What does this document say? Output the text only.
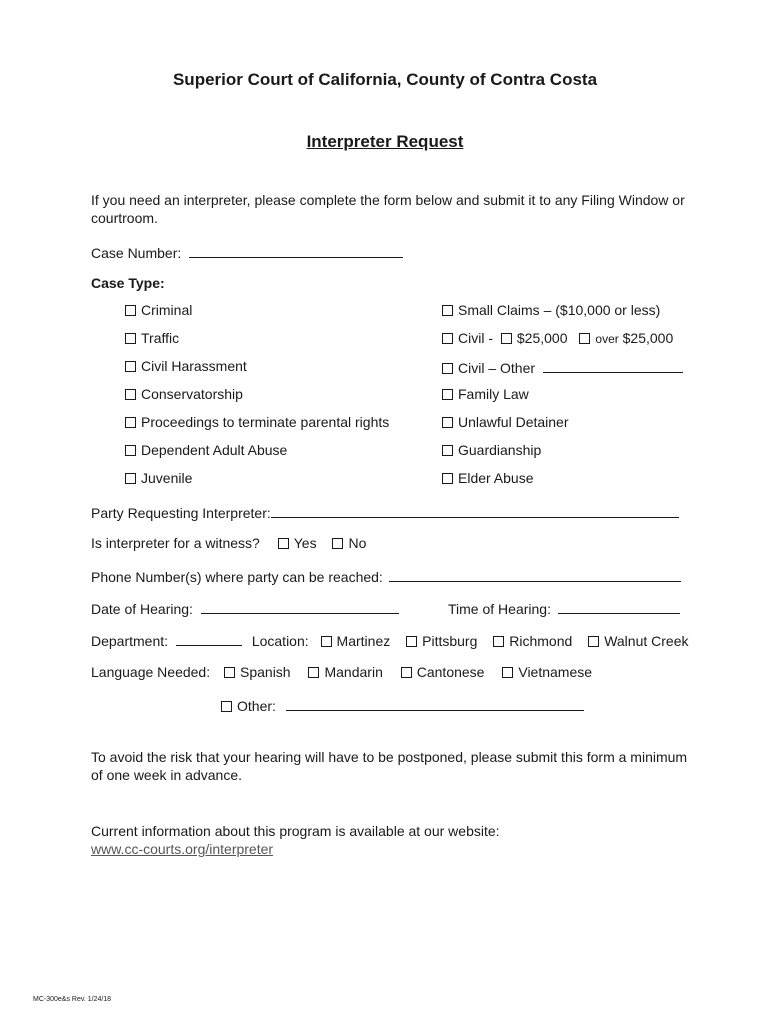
Superior Court of California, County of Contra Costa
Interpreter Request
If you need an interpreter, please complete the form below and submit it to any Filing Window or courtroom.
Case Number:
Case Type:
Criminal
Traffic
Civil Harassment
Conservatorship
Proceedings to terminate parental rights
Dependent Adult Abuse
Juvenile
Small Claims – ($10,000 or less)
Civil - $25,000 over $25,000
Civil – Other
Family Law
Unlawful Detainer
Guardianship
Elder Abuse
Party Requesting Interpreter:
Is interpreter for a witness? Yes No
Phone Number(s) where party can be reached:
Date of Hearing:	Time of Hearing:
Department:	Location: Martinez Pittsburg Richmond Walnut Creek
Language Needed: Spanish Mandarin Cantonese Vietnamese
Other:
To avoid the risk that your hearing will have to be postponed, please submit this form a minimum of one week in advance.
Current information about this program is available at our website:
www.cc-courts.org/interpreter
MC-300e&s Rev. 1/24/18
